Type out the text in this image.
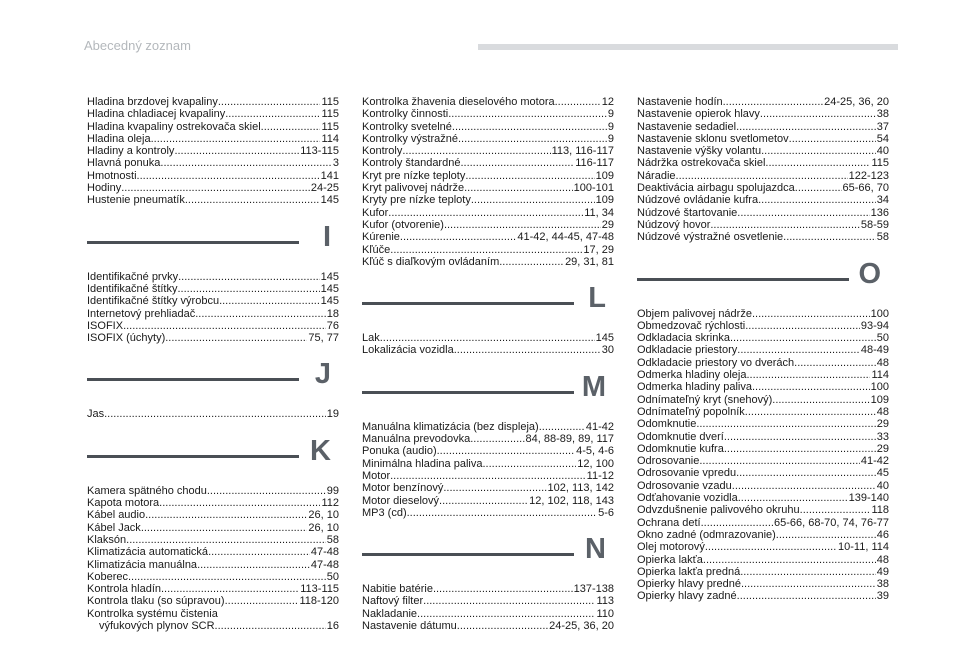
Abecedný zoznam
Hladina brzdovej kvapaliny .....	115
Hladina chladiacej kvapaliny .....	115
Hladina kvapaliny ostrekovača skiel .....	115
Hladina oleja .....	114
Hladiny a kontroly .....	113-115
Hlavná ponuka .....	3
Hmotnosti .....	141
Hodiny .....	24-25
Hustenie pneumatík .....	145
I
Identifikačné prvky .....	145
Identifikačné štítky .....	145
Identifikačné štítky výrobcu .....	145
Internetový prehliadač .....	18
ISOFIX .....	76
ISOFIX (úchyty) .....	75, 77
J
Jas .....	19
K
Kamera spätného chodu .....	99
Kapota motora .....	112
Kábel audio .....	26, 10
Kábel Jack .....	26, 10
Klaksón .....	58
Klimatizácia automatická .....	47-48
Klimatizácia manuálna .....	47-48
Koberec .....	50
Kontrola hladín .....	113-115
Kontrola tlaku (so súpravou) .....	118-120
Kontrolka systému čistenia
výfukových plynov SCR .....	16
Kontrolka žhavenia dieselového motora .....	12
Kontrolky činnosti .....	9
Kontrolky svetelné .....	9
Kontrolky výstražné .....	9
Kontroly .....	113, 116-117
Kontroly štandardné .....	116-117
Kryt pre nízke teploty .....	109
Kryt palivovej nádrže .....	100-101
Kryty pre nízke teploty .....	109
Kufor .....	11, 34
Kufor (otvorenie) .....	29
Kúrenie .....	41-42, 44-45, 47-48
Kľúče .....	17, 29
Kľúč s diaľkovým ovládaním .....	29, 31, 81
L
Lak .....	145
Lokalizácia vozidla .....	30
M
Manuálna klimatizácia (bez displeja) .....	41-42
Manuálna prevodovka .....	84, 88-89, 89, 117
Ponuka (audio) .....	4-5, 4-6
Minimálna hladina paliva .....	12, 100
Motor .....	11-12
Motor benzínový .....	102, 113, 142
Motor dieselový .....	12, 102, 118, 143
MP3 (cd) .....	5-6
N
Nabitie batérie .....	137-138
Naftový filter .....	113
Nakladanie .....	110
Nastavenie dátumu .....	24-25, 36, 20
Nastavenie hodín .....	24-25, 36, 20
Nastavenie opierok hlavy .....	38
Nastavenie sedadiel .....	37
Nastavenie sklonu svetlometov .....	54
Nastavenie výšky volantu .....	40
Nádržka ostrekovača skiel .....	115
Náradie .....	122-123
Deaktivácia airbagu spolujazdca .....	65-66, 70
Núdzové ovládanie kufra .....	34
Núdzové štartovanie .....	136
Núdzový hovor .....	58-59
Núdzové výstražné osvetlenie .....	58
O
Objem palivovej nádrže .....	100
Obmedzovač rýchlosti .....	93-94
Odkladacia skrinka .....	50
Odkladacie priestory .....	48-49
Odkladacie priestory vo dverách .....	48
Odmerka hladiny oleja .....	114
Odmerka hladiny paliva .....	100
Odnímateľný kryt (snehový) .....	109
Odnímateľný popolník .....	48
Odomknutie .....	29
Odomknutie dverí .....	33
Odomknutie kufra .....	29
Odrosovanie .....	41-42
Odrosovanie vpredu .....	45
Odrosovanie vzadu .....	40
Odťahovanie vozidla .....	139-140
Odvzdušnenie palivového okruhu .....	118
Ochrana detí .....	65-66, 68-70, 74, 76-77
Okno zadné (odmrazovanie) .....	46
Olej motorový .....	10-11, 114
Opierka lakťa .....	48
Opierka lakťa predná .....	49
Opierky hlavy predné .....	38
Opierky hlavy zadné .....	39
